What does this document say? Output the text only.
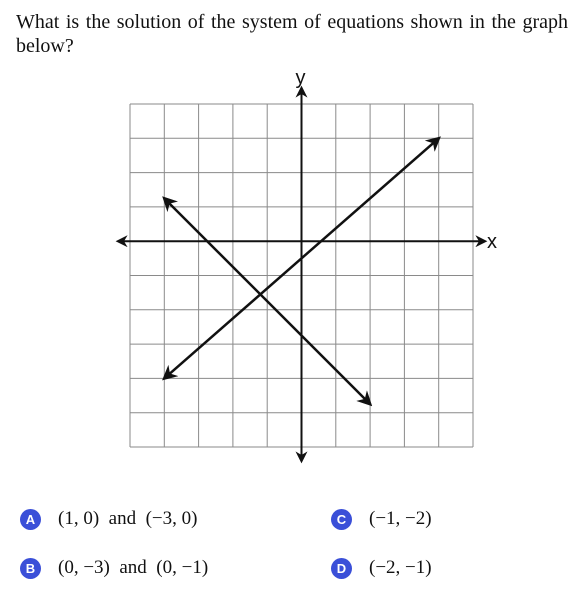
What is the solution of the system of equations shown in the graph below?
x
y
A	(1, 0)  and  (−3, 0)	C	(−1, −2)
B	(0, −3)  and  (0, −1)	D	(−2, −1)
